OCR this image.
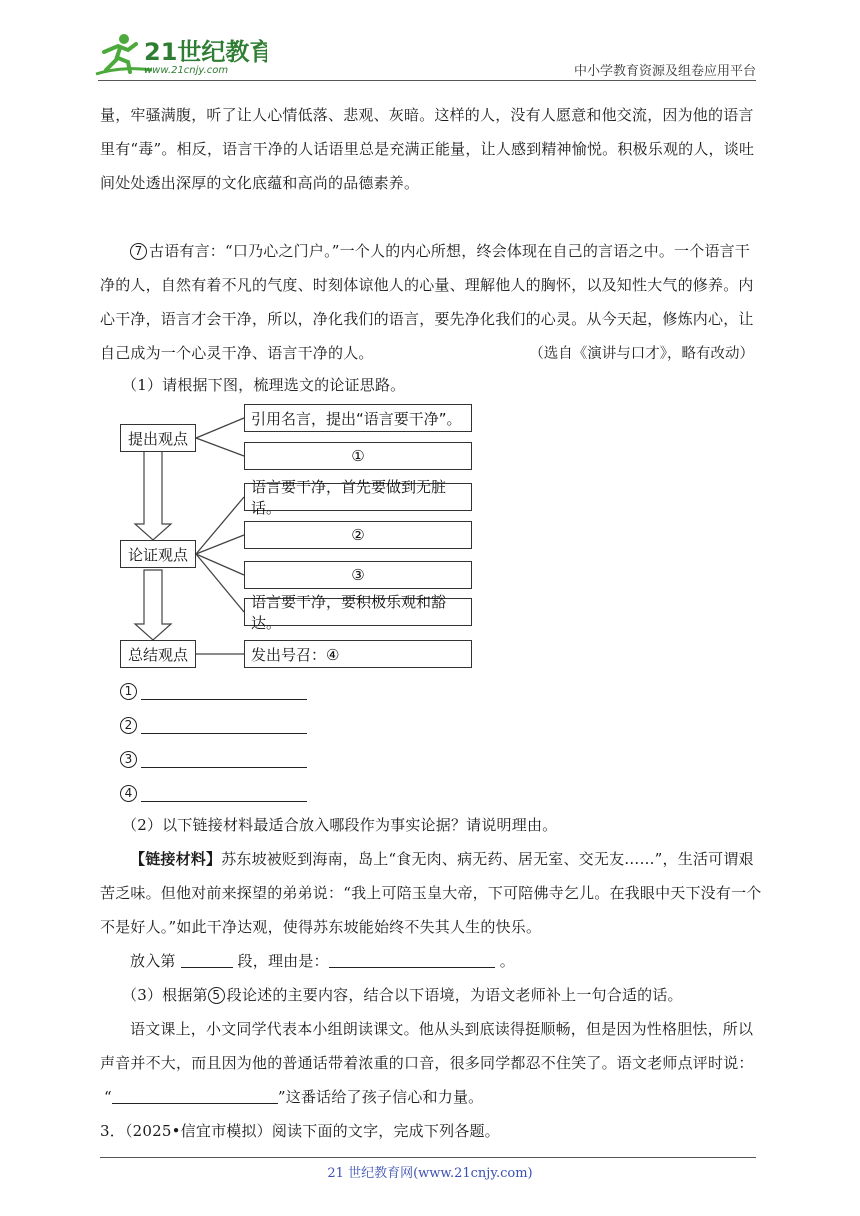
21世纪教育
www.21cnjy.com	中小学教育资源及组卷应用平台
量，牢骚满腹，听了让人心情低落、悲观、灰暗。这样的人，没有人愿意和他交流，因为他的语言里有“毒”。相反，语言干净的人话语里总是充满正能量，让人感到精神愉悦。积极乐观的人，谈吐间处处透出深厚的文化底蕴和高尚的品德素养。
7 古语有言：“口乃心之门户。”一个人的内心所想，终会体现在自己的言语之中。一个语言干净的人，自然有着不凡的气度、时刻体谅他人的心量、理解他人的胸怀，以及知性大气的修养。内心干净，语言才会干净，所以，净化我们的语言，要先净化我们的心灵。从今天起，修炼内心，让自己成为一个心灵干净、语言干净的人。	（选自《演讲与口才》，略有改动）
（1）请根据下图，梳理选文的论证思路。
提出观点
论证观点
总结观点
引用名言，提出“语言要干净”。
①
语言要干净，首先要做到无脏话。
②
③
语言要干净，要积极乐观和豁达。
发出号召：④
1
2
3
4
（2）以下链接材料最适合放入哪段作为事实论据？请说明理由。
【链接材料】苏东坡被贬到海南，岛上“食无肉、病无药、居无室、交无友……”，生活可谓艰苦乏味。但他对前来探望的弟弟说：“我上可陪玉皇大帝，下可陪佛寺乞儿。在我眼中天下没有一个不是好人。”如此干净达观，使得苏东坡能始终不失其人生的快乐。
放入第	段，理由是：	。
（3）根据第 5 段论述的主要内容，结合以下语境，为语文老师补上一句合适的话。
语文课上，小文同学代表本小组朗读课文。他从头到底读得挺顺畅，但是因为性格胆怯，所以声音并不大，而且因为他的普通话带着浓重的口音，很多同学都忍不住笑了。语文老师点评时说：
“	”这番话给了孩子信心和力量。
3．（2025•信宜市模拟）阅读下面的文字，完成下列各题。
21 世纪教育网(www.21cnjy.com)
